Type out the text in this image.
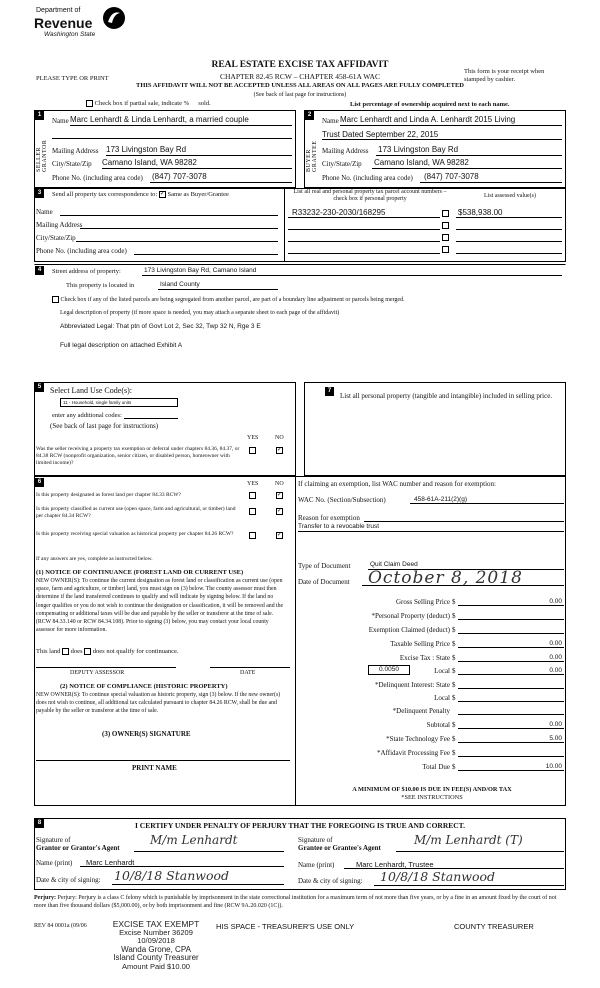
Department of
Revenue
Washington State
PLEASE TYPE OR PRINT
REAL ESTATE EXCISE TAX AFFIDAVIT
CHAPTER 82.45 RCW – CHAPTER 458-61A WAC
THIS AFFIDAVIT WILL NOT BE ACCEPTED UNLESS ALL AREAS ON ALL PAGES ARE FULLY COMPLETED
This form is your receipt when stamped by cashier.
(See back of last page for instructions)
Check box if partial sale, indicate % sold.	List percentage of ownership acquired next to each name.
1
SELLER GRANTOR
Name Marc Lenhardt & Linda Lenhardt, a married couple
Mailing Address 173 Livingston Bay Rd
City/State/Zip Camano Island, WA 98282
Phone No. (including area code) (847) 707-3078
2
BUYER GRANTEE
Name Marc Lenhardt and Linda A. Lenhardt 2015 Living
Trust Dated September 22, 2015
Mailing Address 173 Livingston Bay Rd
City/State/Zip Camano Island, WA 98282
Phone No. (including area code) (847) 707-3078
3	Send all property tax correspondence to: ✓ Same as Buyer/Grantee	List all real and personal property tax parcel account numbers – check box if personal property	List assessed value(s)
Name
Mailing Address
City/State/Zip
Phone No. (including area code)
R33232-230-2030/168295	$538,938.00
4	Street address of property:	173 Livingston Bay Rd, Camano Island
This property is located in	Island County
Check box if any of the listed parcels are being segregated from another parcel, are part of a boundary line adjustment or parcels being merged.
Legal description of property (if more space is needed, you may attach a separate sheet to each page of the affidavit)
Abbreviated Legal: That ptn of Govt Lot 2, Sec 32, Twp 32 N, Rge 3 E
Full legal description on attached Exhibit A
5	Select Land Use Code(s):
11 - Household, single family units
enter any additional codes:
(See back of last page for instructions)
YES	NO
Was the seller receiving a property tax exemption or deferral under chapters 84.36, 84.37, or 84.38 RCW (nonprofit organization, senior citizen, or disabled person, homeowner with limited income)?
✓
7
List all personal property (tangible and intangible) included in selling price.
6	YES	NO
Is this property designated as forest land per chapter 84.33 RCW?	✓
Is this property classified as current use (open space, farm and agricultural, or timber) land per chapter 84.34 RCW?
✓
Is this property receiving special valuation as historical property per chapter 84.26 RCW?	✓
If any answers are yes, complete as instructed below.
(1) NOTICE OF CONTINUANCE (FOREST LAND OR CURRENT USE)
NEW OWNER(S): To continue the current designation as forest land or classification as current use (open space, farm and agriculture, or timber) land, you must sign on (3) below. The county assessor must then determine if the land transferred continues to qualify and will indicate by signing below. If the land no longer qualifies or you do not wish to continue the designation or classification, it will be removed and the compensating or additional taxes will be due and payable by the seller or transferor at the time of sale. (RCW 84.33.140 or RCW 84.34.108). Prior to signing (3) below, you may contact your local county assessor for more information.
This land does does not qualify for continuance.
DEPUTY ASSESSOR	DATE
(2) NOTICE OF COMPLIANCE (HISTORIC PROPERTY)
NEW OWNER(S): To continue special valuation as historic property, sign (3) below. If the new owner(s) does not wish to continue, all additional tax calculated pursuant to chapter 84.26 RCW, shall be due and payable by the seller or transferor at the time of sale.
(3) OWNER(S) SIGNATURE
PRINT NAME
If claiming an exemption, list WAC number and reason for exemption:
WAC No. (Section/Subsection)	458-61A-211(2)(g)
Reason for exemption
Transfer to a revocable trust
Type of Document	Quit Claim Deed
Date of Document October 8, 2018
Gross Selling Price $	0.00
*Personal Property (deduct) $
Exemption Claimed (deduct) $
Taxable Selling Price $	0.00
Excise Tax : State $	0.00
0.0050	Local $	0.00
*Delinquent Interest: State $
Local $
*Delinquent Penalty
Subtotal $	0.00
*State Technology Fee $	5.00
*Affidavit Processing Fee $
Total Due $	10.00
A MINIMUM OF $10.00 IS DUE IN FEE(S) AND/OR TAX
*SEE INSTRUCTIONS
8	I CERTIFY UNDER PENALTY OF PERJURY THAT THE FOREGOING IS TRUE AND CORRECT.
Signature of
Grantor or Grantor's Agent
M/m Lenhardt
Name (print) Marc Lenhardt
Date & city of signing: 10/8/18 Stanwood
Signature of
Grantee or Grantee's Agent
M/m Lenhardt (T)
Name (print)	Marc Lenhardt, Trustee
Date & city of signing: 10/8/18 Stanwood
Perjury: Perjury: Perjury is a class C felony which is punishable by imprisonment in the state correctional institution for a maximum term of not more than five years, or by a fine in an amount fixed by the court of not more than five thousand dollars ($5,000.00), or by both imprisonment and fine (RCW 9A.20.020 (1C)).
REV 84 0001a (09/06	EXCISE TAX EXEMPT
Excise Number 36209
10/09/2018
Wanda Grone, CPA
Island County Treasurer
Amount Paid $10.00
HIS SPACE - TREASURER'S USE ONLY	COUNTY TREASURER
